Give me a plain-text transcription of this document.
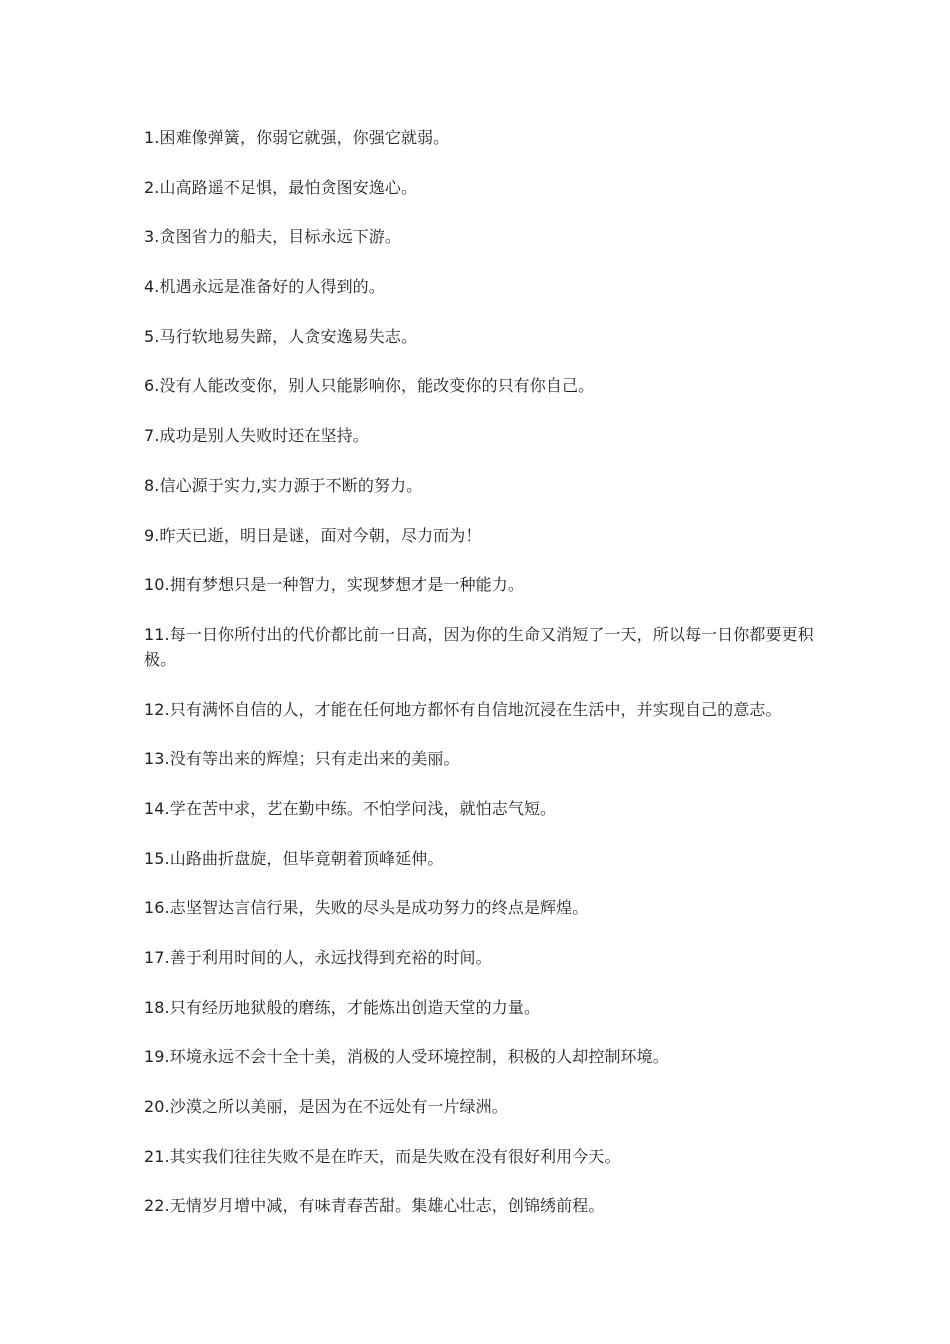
1.困难像弹簧，你弱它就强，你强它就弱。
2.山高路遥不足惧，最怕贪图安逸心。
3.贪图省力的船夫，目标永远下游。
4.机遇永远是准备好的人得到的。
5.马行软地易失蹄，人贪安逸易失志。
6.没有人能改变你，别人只能影响你，能改变你的只有你自己。
7.成功是别人失败时还在坚持。
8.信心源于实力,实力源于不断的努力。
9.昨天已逝，明日是谜，面对今朝，尽力而为！
10.拥有梦想只是一种智力，实现梦想才是一种能力。
11.每一日你所付出的代价都比前一日高，因为你的生命又消短了一天，所以每一日你都要更积极。
12.只有满怀自信的人，才能在任何地方都怀有自信地沉浸在生活中，并实现自己的意志。
13.没有等出来的辉煌；只有走出来的美丽。
14.学在苦中求，艺在勤中练。不怕学问浅，就怕志气短。
15.山路曲折盘旋，但毕竟朝着顶峰延伸。
16.志坚智达言信行果，失败的尽头是成功努力的终点是辉煌。
17.善于利用时间的人，永远找得到充裕的时间。
18.只有经历地狱般的磨练，才能炼出创造天堂的力量。
19.环境永远不会十全十美，消极的人受环境控制，积极的人却控制环境。
20.沙漠之所以美丽，是因为在不远处有一片绿洲。
21.其实我们往往失败不是在昨天，而是失败在没有很好利用今天。
22.无情岁月增中减，有味青春苦甜。集雄心壮志，创锦绣前程。
